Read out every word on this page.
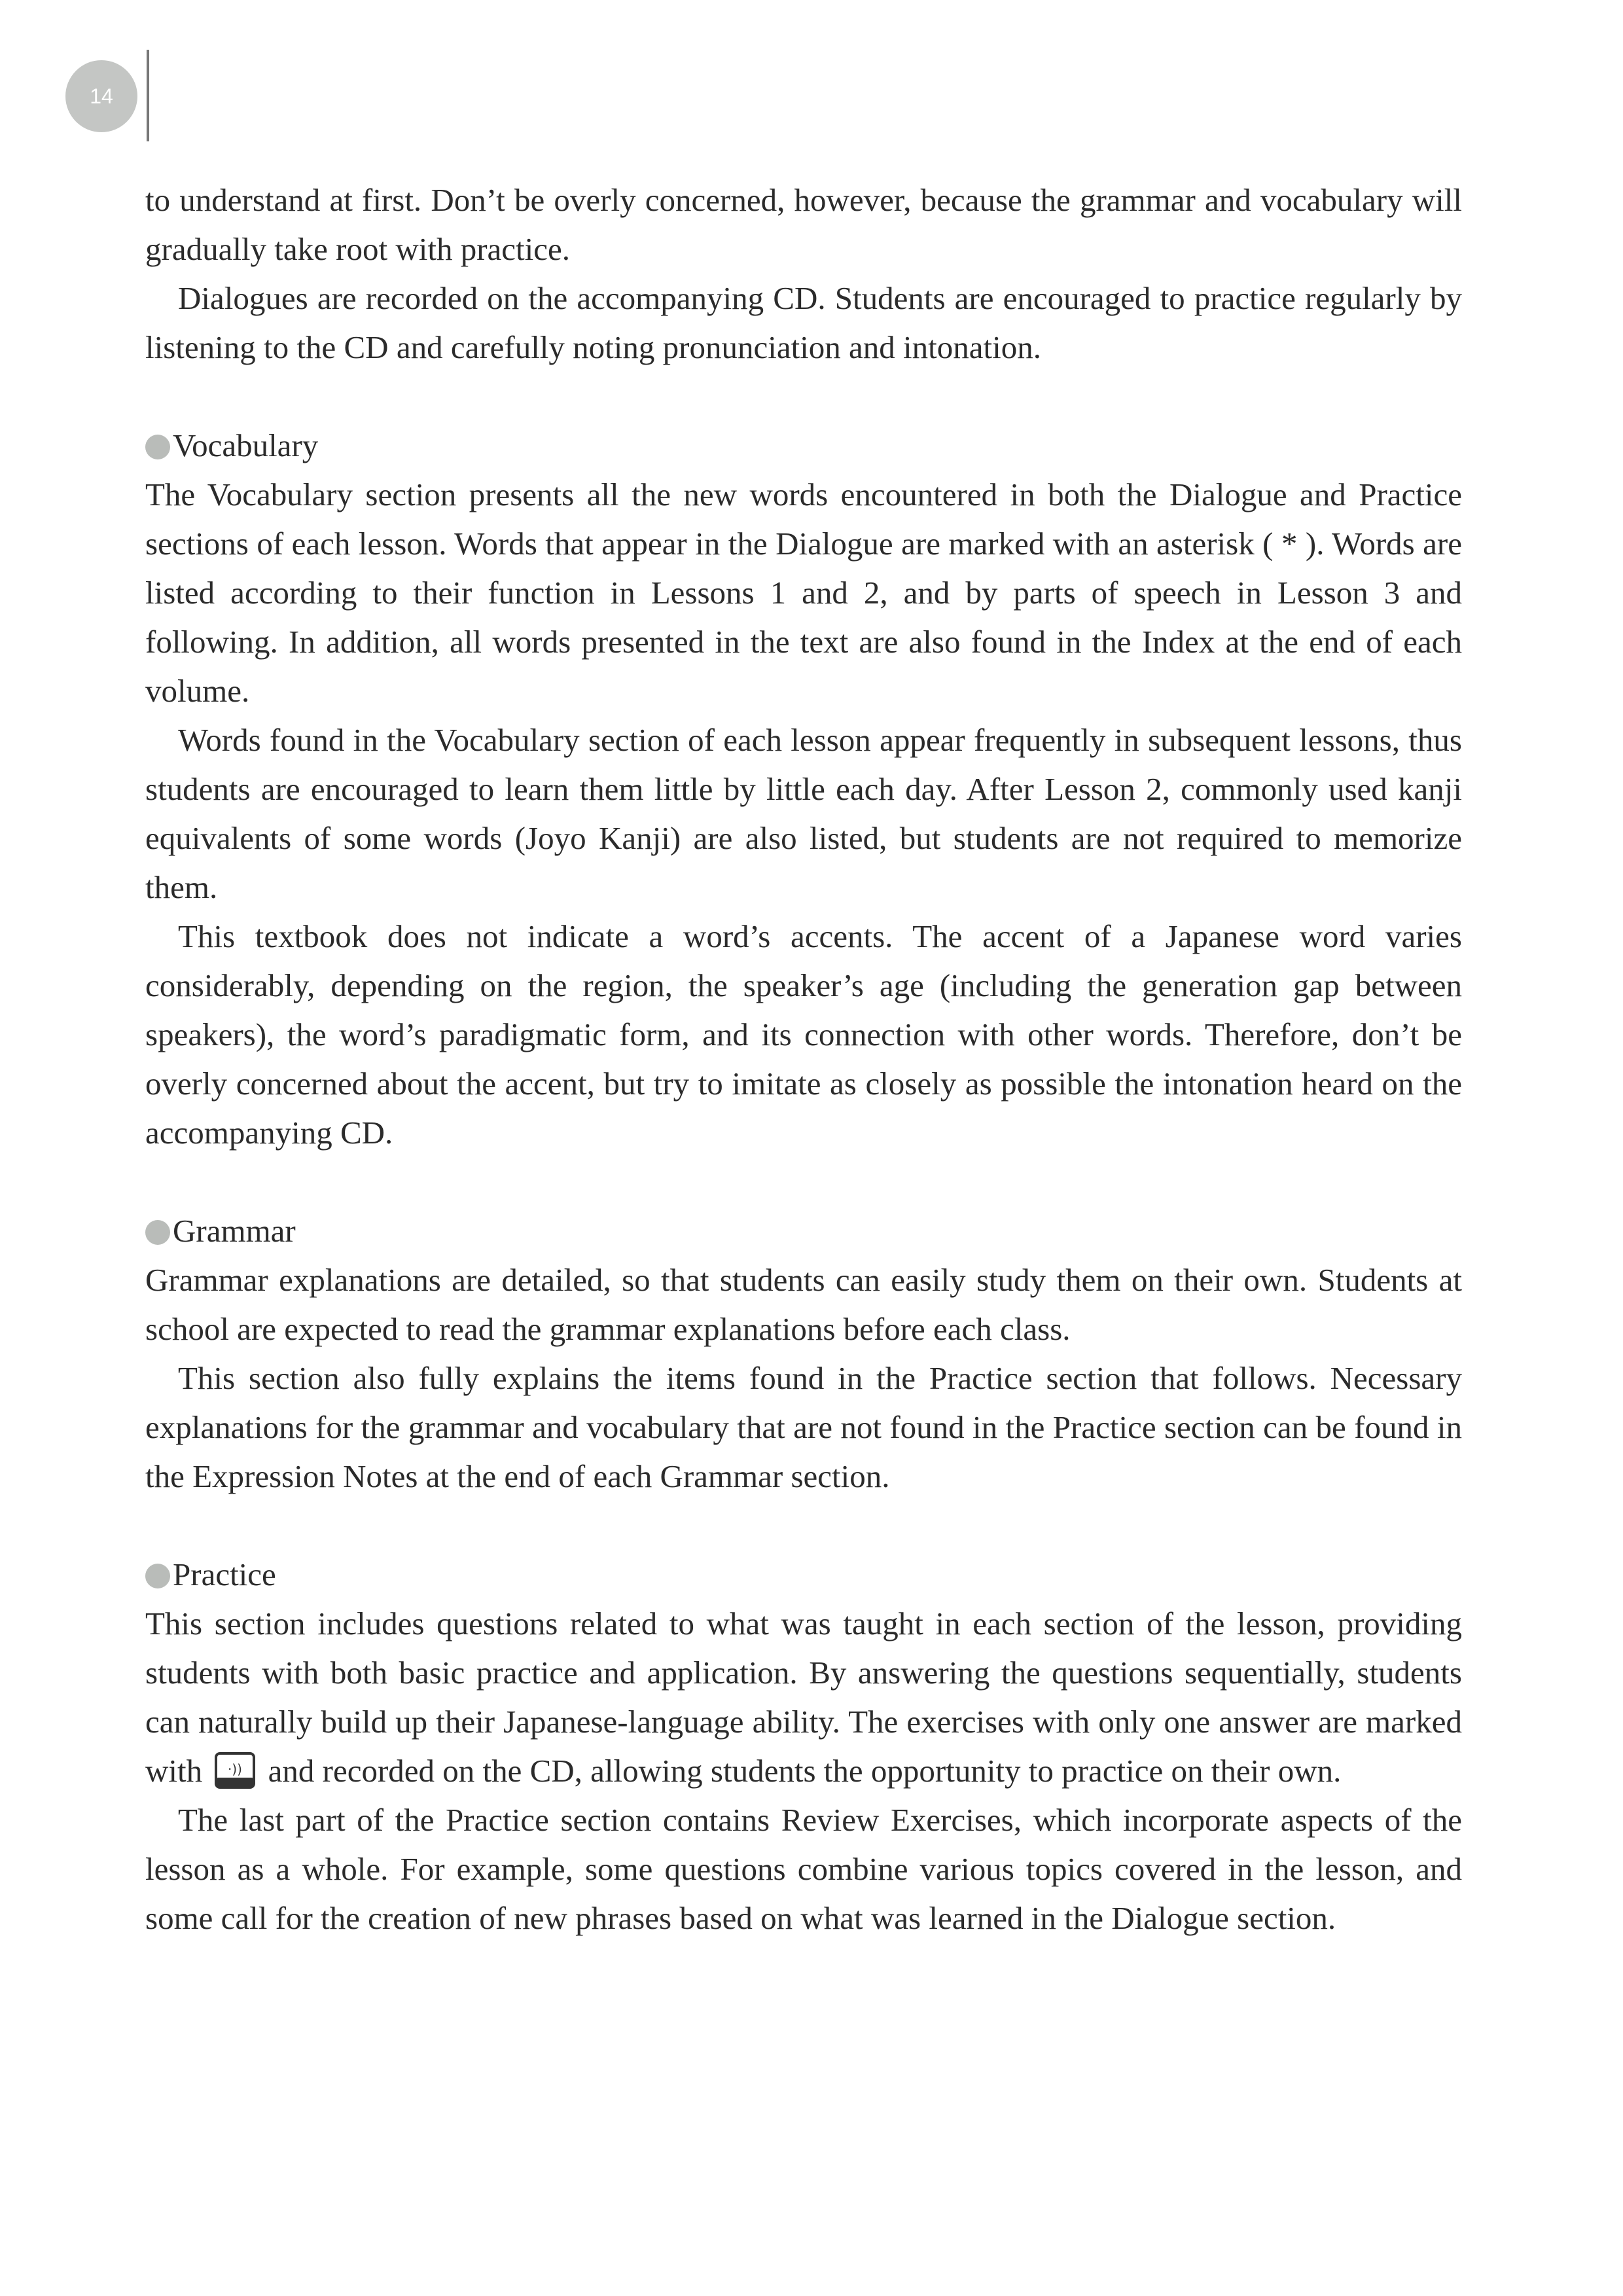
14

to understand at first. Don’t be overly concerned, however, because the grammar and vocabulary will gradually take root with practice.

Dialogues are recorded on the accompanying CD. Students are encouraged to practice regularly by listening to the CD and carefully noting pronunciation and intonation.

Vocabulary

The Vocabulary section presents all the new words encountered in both the Dialogue and Practice sections of each lesson. Words that appear in the Dialogue are marked with an asterisk ( * ). Words are listed according to their function in Lessons 1 and 2, and by parts of speech in Lesson 3 and following. In addition, all words presented in the text are also found in the Index at the end of each volume.

Words found in the Vocabulary section of each lesson appear frequently in subsequent lessons, thus students are encouraged to learn them little by little each day. After Lesson 2, commonly used kanji equivalents of some words (Joyo Kanji) are also listed, but students are not required to memorize them.

This textbook does not indicate a word’s accents. The accent of a Japanese word varies considerably, depending on the region, the speaker’s age (including the generation gap between speakers), the word’s paradigmatic form, and its connection with other words. Therefore, don’t be overly concerned about the accent, but try to imitate as closely as possible the intonation heard on the accompanying CD.

Grammar

Grammar explanations are detailed, so that students can easily study them on their own. Students at school are expected to read the grammar explanations before each class.

This section also fully explains the items found in the Practice section that follows. Necessary explanations for the grammar and vocabulary that are not found in the Practice section can be found in the Expression Notes at the end of each Grammar section.

Practice

This section includes questions related to what was taught in each section of the lesson, providing students with both basic practice and application. By answering the questions sequentially, students can naturally build up their Japanese-language ability. The exercises with only one answer are marked with ·)) and recorded on the CD, allowing students the opportunity to practice on their own.

The last part of the Practice section contains Review Exercises, which incorporate aspects of the lesson as a whole. For example, some questions combine various topics covered in the lesson, and some call for the creation of new phrases based on what was learned in the Dialogue section.
